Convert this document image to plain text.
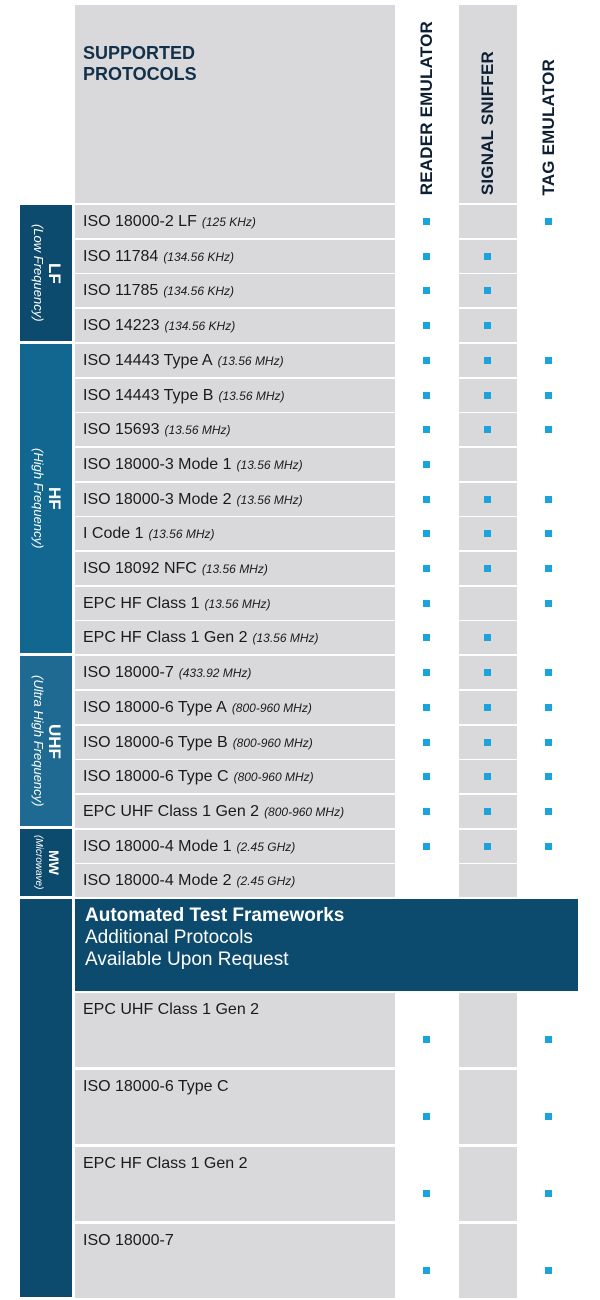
SUPPORTED
PROTOCOLS	READER EMULATOR SIGNAL SNIFFER TAG EMULATOR
LF
(Low Frequency)
HF
(High Frequency)
UHF
(Ultra High Frequency)
MW
(Microwave)
ISO 18000-2 LF (125 KHz)
ISO 11784 (134.56 KHz)
ISO 11785 (134.56 KHz)
ISO 14223 (134.56 KHz)
ISO 14443 Type A (13.56 MHz)
ISO 14443 Type B (13.56 MHz)
ISO 15693 (13.56 MHz)
ISO 18000-3 Mode 1 (13.56 MHz)
ISO 18000-3 Mode 2 (13.56 MHz)
I Code 1 (13.56 MHz)
ISO 18092 NFC (13.56 MHz)
EPC HF Class 1 (13.56 MHz)
EPC HF Class 1 Gen 2 (13.56 MHz)
ISO 18000-7 (433.92 MHz)
ISO 18000-6 Type A (800-960 MHz)
ISO 18000-6 Type B (800-960 MHz)
ISO 18000-6 Type C (800-960 MHz)
EPC UHF Class 1 Gen 2 (800-960 MHz)
ISO 18000-4 Mode 1 (2.45 GHz)
ISO 18000-4 Mode 2 (2.45 GHz)
Automated Test Frameworks
Additional Protocols
Available Upon Request
EPC UHF Class 1 Gen 2
ISO 18000-6 Type C
EPC HF Class 1 Gen 2
ISO 18000-7
